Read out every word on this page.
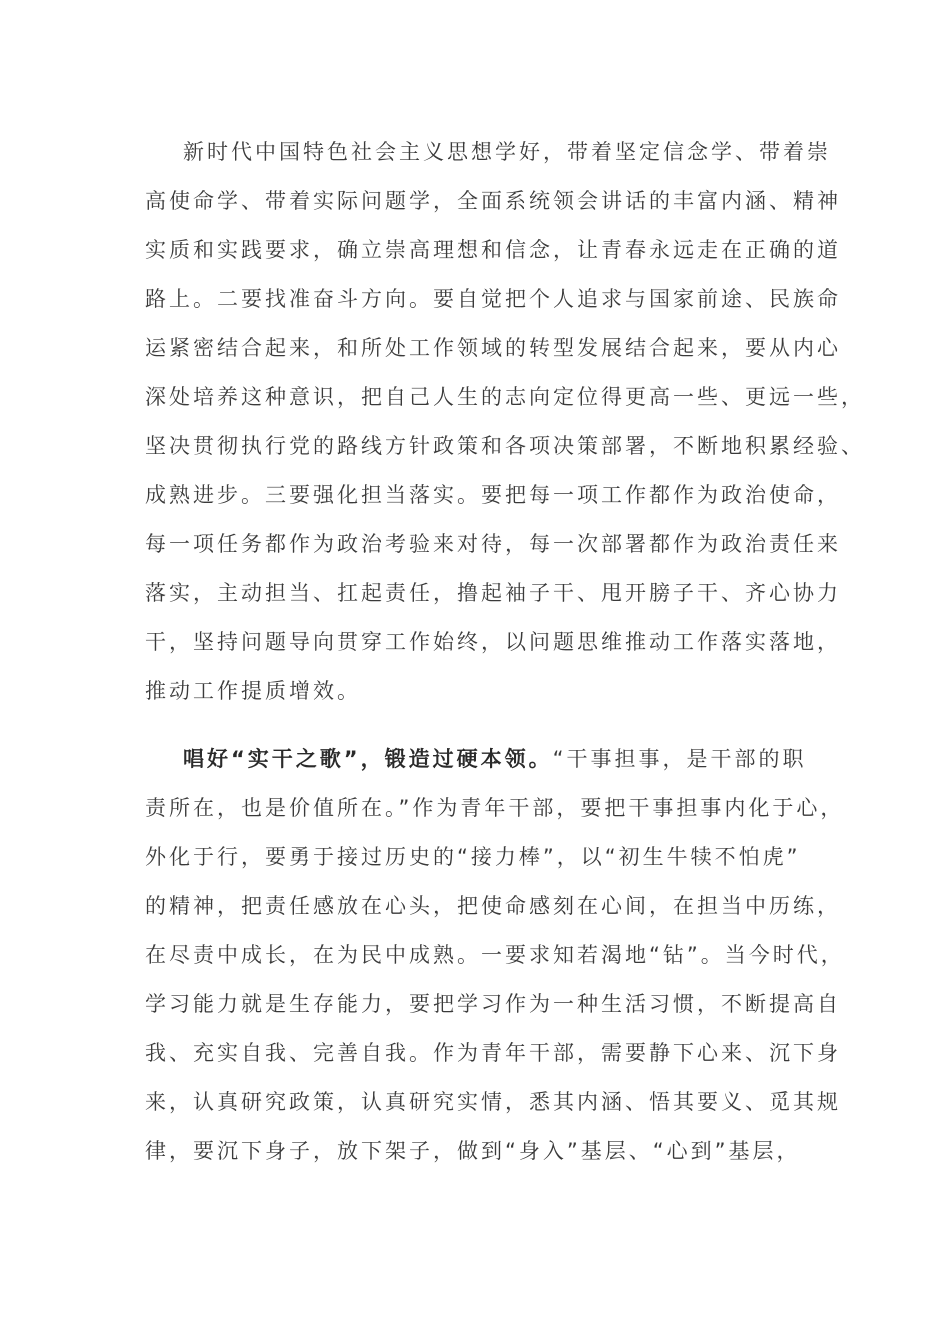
新时代中国特色社会主义思想学好，带着坚定信念学、带着崇
高使命学、带着实际问题学，全面系统领会讲话的丰富内涵、精神
实质和实践要求，确立崇高理想和信念，让青春永远走在正确的道
路上。二要找准奋斗方向。要自觉把个人追求与国家前途、民族命
运紧密结合起来，和所处工作领域的转型发展结合起来，要从内心
深处培养这种意识，把自己人生的志向定位得更高一些、更远一些，
坚决贯彻执行党的路线方针政策和各项决策部署，不断地积累经验、
成熟进步。三要强化担当落实。要把每一项工作都作为政治使命，
每一项任务都作为政治考验来对待，每一次部署都作为政治责任来
落实，主动担当、扛起责任，撸起袖子干、甩开膀子干、齐心协力
干，坚持问题导向贯穿工作始终，以问题思维推动工作落实落地，
推动工作提质增效。
唱好“实干之歌”，锻造过硬本领。“干事担事，是干部的职
责所在，也是价值所在。”作为青年干部，要把干事担事内化于心，
外化于行，要勇于接过历史的“接力棒”，以“初生牛犊不怕虎”
的精神，把责任感放在心头，把使命感刻在心间，在担当中历练，
在尽责中成长，在为民中成熟。一要求知若渴地“钻”。当今时代，
学习能力就是生存能力，要把学习作为一种生活习惯，不断提高自
我、充实自我、完善自我。作为青年干部，需要静下心来、沉下身
来，认真研究政策，认真研究实情，悉其内涵、悟其要义、觅其规
律，要沉下身子，放下架子，做到“身入”基层、“心到”基层，
